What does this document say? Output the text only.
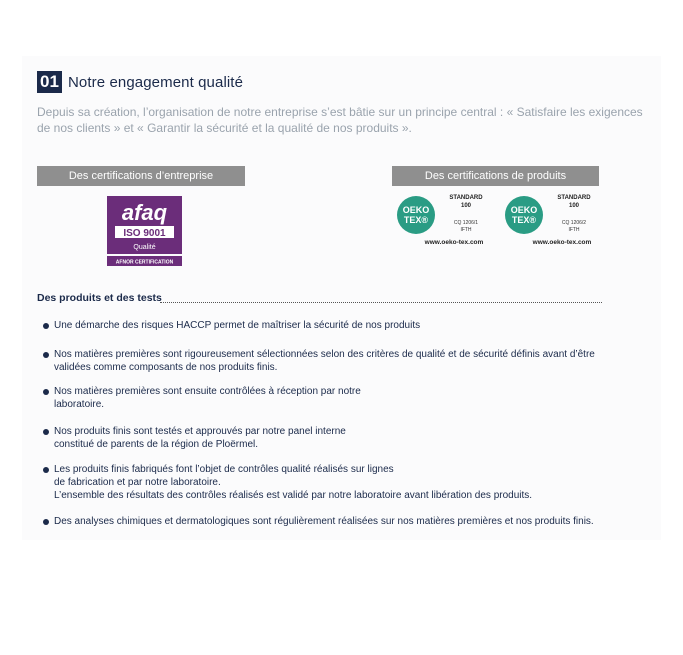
01 Notre engagement qualité
Depuis sa création, l’organisation de notre entreprise s’est bâtie sur un principe central : « Satisfaire les exigences de nos clients » et « Garantir la sécurité et la qualité de nos produits ».
Des certifications d’entreprise	Des certifications de produits
afaq
ISO 9001
Qualité
AFNOR CERTIFICATION
OEKO
TEX®
STANDARD
100
CQ 1206/1
IFTH
www.oeko-tex.com
OEKO
TEX®
STANDARD
100
CQ 1206/2
IFTH
www.oeko-tex.com
Des produits et des tests
Une démarche des risques HACCP permet de maîtriser la sécurité de nos produits
Nos matières premières sont rigoureusement sélectionnées selon des critères de qualité et de sécurité définis avant d’être
validées comme composants de nos produits finis.
Nos matières premières sont ensuite contrôlées à réception par notre
laboratoire.
Nos produits finis sont testés et approuvés par notre panel interne
constitué de parents de la région de Ploërmel.
Les produits finis fabriqués font l’objet de contrôles qualité réalisés sur lignes
de fabrication et par notre laboratoire.
L’ensemble des résultats des contrôles réalisés est validé par notre laboratoire avant libération des produits.
Des analyses chimiques et dermatologiques sont régulièrement réalisées sur nos matières premières et nos produits finis.
